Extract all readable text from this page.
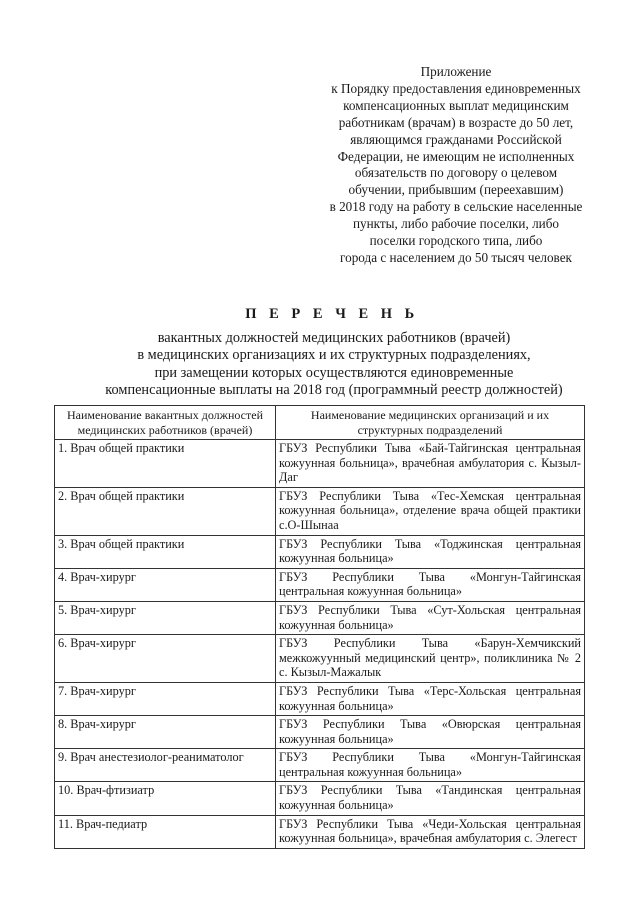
Приложение
к Порядку предоставления единовременных
компенсационных выплат медицинским
работникам (врачам) в возрасте до 50 лет,
являющимся гражданами Российской
Федерации, не имеющим не исполненных
обязательств по договору о целевом
обучении, прибывшим (переехавшим)
в 2018 году на работу в сельские населенные
пункты, либо рабочие поселки, либо
поселки городского типа, либо
города с населением до 50 тысяч человек
П Е Р Е Ч Е Н Ь
вакантных должностей медицинских работников (врачей)
в медицинских организациях и их структурных подразделениях,
при замещении которых осуществляются единовременные
компенсационные выплаты на 2018 год (программный реестр должностей)
Наименование вакантных должностей медицинских работников (врачей)	Наименование медицинских организаций и их структурных подразделений
1. Врач общей практики	ГБУЗ Республики Тыва «Бай-Тайгинская центральная кожуунная больница», врачебная амбулатория с. Кызыл-Даг
2. Врач общей практики	ГБУЗ Республики Тыва «Тес-Хемская центральная кожуунная больница», отделение врача общей практики с.О-Шынаа
3. Врач общей практики	ГБУЗ Республики Тыва «Тоджинская центральная кожуунная больница»
4. Врач-хирург	ГБУЗ Республики Тыва «Монгун-Тайгинская центральная кожуунная больница»
5. Врач-хирург	ГБУЗ Республики Тыва «Сут-Хольская центральная кожуунная больница»
6. Врач-хирург	ГБУЗ Республики Тыва «Барун-Хемчикский межкожуунный медицинский центр», поликлиника № 2 с. Кызыл-Мажалык
7. Врач-хирург	ГБУЗ Республики Тыва «Терс-Хольская центральная кожуунная больница»
8. Врач-хирург	ГБУЗ Республики Тыва «Овюрская центральная кожуунная больница»
9. Врач анестезиолог-реаниматолог	ГБУЗ Республики Тыва «Монгун-Тайгинская центральная кожуунная больница»
10. Врач-фтизиатр	ГБУЗ Республики Тыва «Тандинская центральная кожуунная больница»
11. Врач-педиатр	ГБУЗ Республики Тыва «Чеди-Хольская центральная кожуунная больница», врачебная амбулатория с. Элегест
